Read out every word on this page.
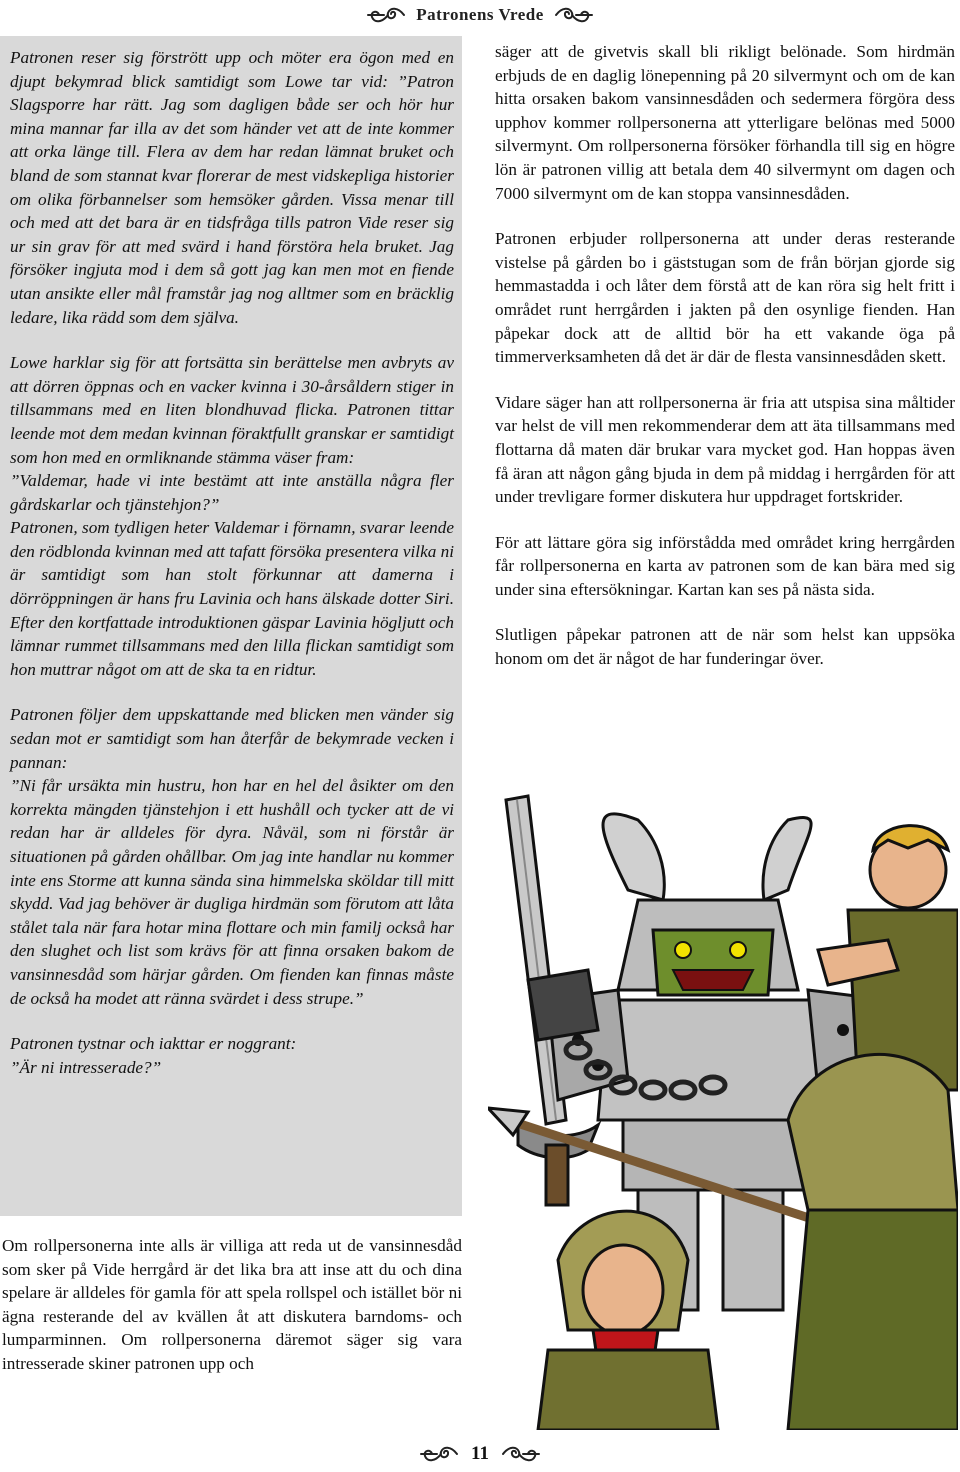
Patronens Vrede

Patronen reser sig förstrött upp och möter era ögon med en djupt bekymrad blick samtidigt som Lowe tar vid: ”Patron Slagsporre har rätt. Jag som dagligen både ser och hör hur mina mannar far illa av det som händer vet att de inte kommer att orka länge till. Flera av dem har redan lämnat bruket och bland de som stannat kvar florerar de mest vidskepliga historier om olika förbannelser som hemsöker gården. Vissa menar till och med att det bara är en tidsfråga tills patron Vide reser sig ur sin grav för att med svärd i hand förstöra hela bruket. Jag försöker ingjuta mod i dem så gott jag kan men mot en fiende utan ansikte eller mål framstår jag nog alltmer som en bräcklig ledare, lika rädd som dem själva.

Lowe harklar sig för att fortsätta sin berättelse men avbryts av att dörren öppnas och en vacker kvinna i 30-årsåldern stiger in tillsammans med en liten blondhuvad flicka. Patronen tittar leende mot dem medan kvinnan föraktfullt granskar er samtidigt som hon med en ormliknande stämma väser fram:

”Valdemar, hade vi inte bestämt att inte anställa några fler gårdskarlar och tjänstehjon?”

Patronen, som tydligen heter Valdemar i förnamn, svarar leende den rödblonda kvinnan med att tafatt försöka presentera vilka ni är samtidigt som han stolt förkunnar att damerna i dörröppningen är hans fru Lavinia och hans älskade dotter Siri. Efter den kortfattade introduktionen gäspar Lavinia högljutt och lämnar rummet tillsammans med den lilla flickan samtidigt som hon muttrar något om att de ska ta en ridtur.

Patronen följer dem uppskattande med blicken men vänder sig sedan mot er samtidigt som han återfår de bekymrade vecken i pannan:

”Ni får ursäkta min hustru, hon har en hel del åsikter om den korrekta mängden tjänstehjon i ett hushåll och tycker att de vi redan har är alldeles för dyra. Nåväl, som ni förstår är situationen på gården ohållbar. Om jag inte handlar nu kommer inte ens Storme att kunna sända sina himmelska sköldar till mitt skydd. Vad jag behöver är dugliga hirdmän som förutom att låta stålet tala när fara hotar mina flottare och min familj också har den slughet och list som krävs för att finna orsaken bakom de vansinnesdåd som härjar gården. Om fienden kan finnas måste de också ha modet att ränna svärdet i dess strupe.”

Patronen tystnar och iakttar er noggrant:

”Är ni intresserade?”

Om rollpersonerna inte alls är villiga att reda ut de vansinnesdåd som sker på Vide herrgård är det lika bra att inse att du och dina spelare är alldeles för gamla för att spela rollspel och istället bör ni ägna resterande del av kvällen åt att diskutera barndoms- och lumparminnen. Om rollpersonerna däremot säger sig vara intresserade skiner patronen upp och

säger att de givetvis skall bli rikligt belönade. Som hirdmän erbjuds de en daglig lönepenning på 20 silvermynt och om de kan hitta orsaken bakom vansinnesdåden och sedermera förgöra dess upphov kommer rollpersonerna att ytterligare belönas med 5000 silvermynt. Om rollpersonerna försöker förhandla till sig en högre lön är patronen villig att betala dem 40 silvermynt om dagen och 7000 silvermynt om de kan stoppa vansinnesdåden.

Patronen erbjuder rollpersonerna att under deras resterande vistelse på gården bo i gäststugan som de från början gjorde sig hemmastadda i och låter dem förstå att de kan röra sig helt fritt i området runt herrgården i jakten på den osynlige fienden. Han påpekar dock att de alltid bör ha ett vakande öga på timmerverksamheten då det är där de flesta vansinnesdåden skett.

Vidare säger han att rollpersonerna är fria att utspisa sina måltider var helst de vill men rekommenderar dem att äta tillsammans med flottarna då maten där brukar vara mycket god. Han hoppas även få äran att någon gång bjuda in dem på middag i herrgården för att under trevligare former diskutera hur uppdraget fortskrider.

För att lättare göra sig införstådda med området kring herrgården får rollpersonerna en karta av patronen som de kan bära med sig under sina eftersökningar. Kartan kan ses på nästa sida.

Slutligen påpekar patronen att de när som helst kan uppsöka honom om det är något de har funderingar över.

11
